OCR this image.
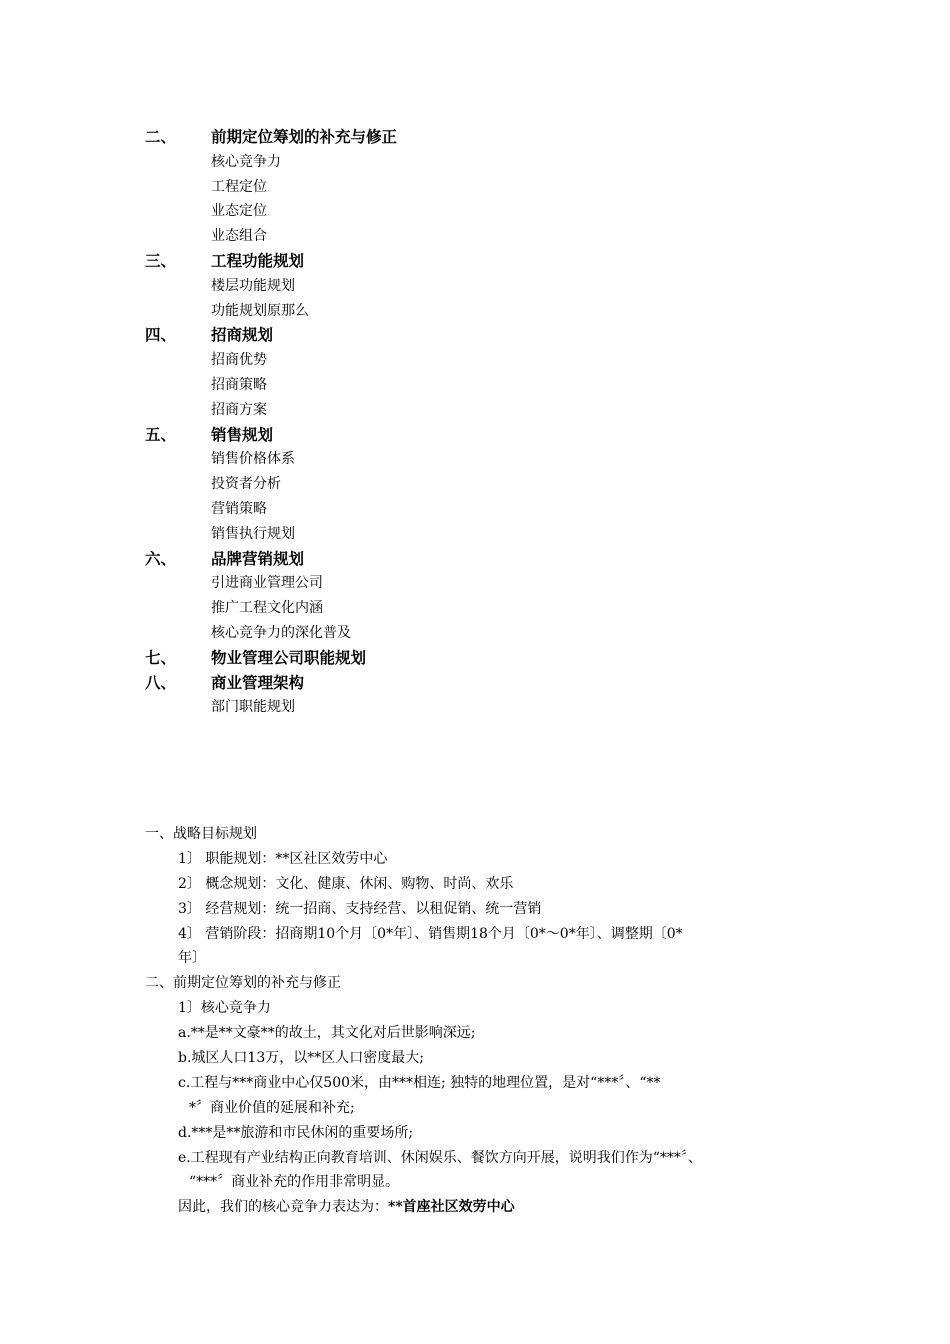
二、 前期定位筹划的补充与修正
核心竞争力
工程定位
业态定位
业态组合
三、 工程功能规划
楼层功能规划
功能规划原那么
四、 招商规划
招商优势
招商策略
招商方案
五、 销售规划
销售价格体系
投资者分析
营销策略
销售执行规划
六、 品牌营销规划
引进商业管理公司
推广工程文化内涵
核心竞争力的深化普及
七、 物业管理公司职能规划
八、 商业管理架构
部门职能规划
一、战略目标规划
1〕 职能规划：**区社区效劳中心
2〕 概念规划：文化、健康、休闲、购物、时尚、欢乐
3〕 经营规划：统一招商、支持经营、以租促销、统一营销
4〕 营销阶段：招商期10个月〔0*年〕、销售期18个月〔0*～0*年〕、调整期〔0*
年〕
二、前期定位筹划的补充与修正
1〕核心竞争力
a.**是**文豪**的故土，其文化对后世影响深远;
b.城区人口13万，以**区人口密度最大;
c.工程与***商业中心仅500米，由***相连; 独特的地理位置，是对“***〞、“**
*〞商业价值的延展和补充;
d.***是**旅游和市民休闲的重要场所;
e.工程现有产业结构正向教育培训、休闲娱乐、餐饮方向开展，说明我们作为“***〞、
“***〞商业补充的作用非常明显。
因此，我们的核心竞争力表达为：**首座社区效劳中心
